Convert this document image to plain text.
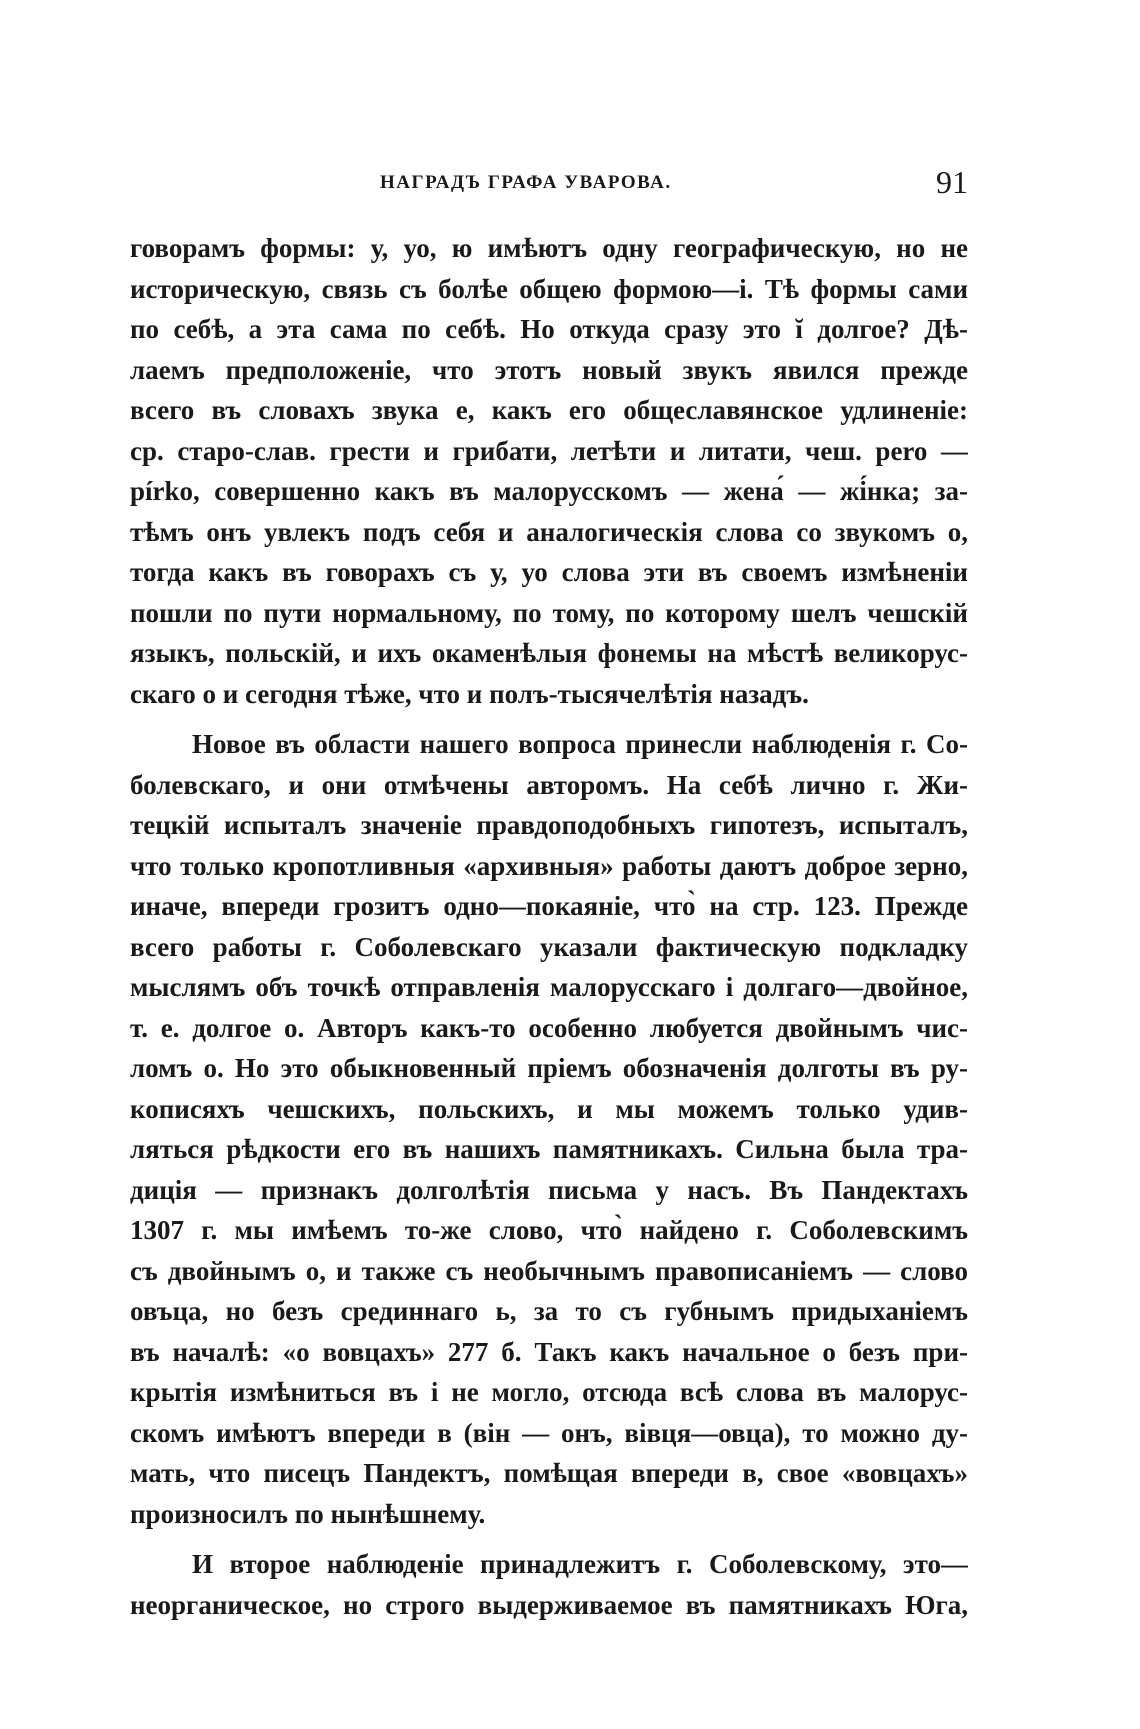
НАГРАДЪ ГРАФА УВАРОВА.	91
говорамъ формы: у, уо, ю имѣютъ одну географическую, но не
историческую, связь съ болѣе общею формою—і. Тѣ формы сами
по себѣ, а эта сама по себѣ. Но откуда сразу это ĭ долгое? Дѣ-
лаемъ предположеніе, что этотъ новый звукъ явился прежде
всего въ словахъ звука е, какъ его общеславянское удлиненіе:
ср. старо-слав. грести и грибати, летѣти и литати, чеш. pero —
pírko, совершенно какъ въ малорусскомъ — жена́ — жі́нка; за-
тѣмъ онъ увлекъ подъ себя и аналогическія слова со звукомъ о,
тогда какъ въ говорахъ съ у, уо слова эти въ своемъ измѣненіи
пошли по пути нормальному, по тому, по которому шелъ чешскій
языкъ, польскій, и ихъ окаменѣлыя фонемы на мѣстѣ великорус-
скаго о и сегодня тѣже, что и полъ-тысячелѣтія назадъ.
Новое въ области нашего вопроса принесли наблюденія г. Со-
болевскаго, и они отмѣчены авторомъ. На себѣ лично г. Жи-
тецкій испыталъ значеніе правдоподобныхъ гипотезъ, испыталъ,
что только кропотливныя «архивныя» работы даютъ доброе зерно,
иначе, впереди грозитъ одно—покаяніе, что̀ на стр. 123. Прежде
всего работы г. Соболевскаго указали фактическую подкладку
мыслямъ объ точкѣ отправленія малорусскаго і долгаго—двойное,
т. е. долгое о. Авторъ какъ-то особенно любуется двойнымъ чис-
ломъ о. Но это обыкновенный пріемъ обозначенія долготы въ ру-
кописяхъ чешскихъ, польскихъ, и мы можемъ только удив-
ляться рѣдкости его въ нашихъ памятникахъ. Сильна была тра-
диція — признакъ долголѣтія письма у насъ. Въ Пандектахъ
1307 г. мы имѣемъ то-же слово, что̀ найдено г. Соболевскимъ
съ двойнымъ о, и также съ необычнымъ правописаніемъ — слово
овъца, но безъ срединнаго ь, за то съ губнымъ придыханіемъ
въ началѣ: «о вовцахъ» 277 б. Такъ какъ начальное о безъ при-
крытія измѣниться въ і не могло, отсюда всѣ слова въ малорус-
скомъ имѣютъ впереди в (він — онъ, вівця—овца), то можно ду-
мать, что писецъ Пандектъ, помѣщая впереди в, свое «вовцахъ»
произносилъ по нынѣшнему.
И второе наблюденіе принадлежитъ г. Соболевскому, это—
неорганическое, но строго выдерживаемое въ памятникахъ Юга,
